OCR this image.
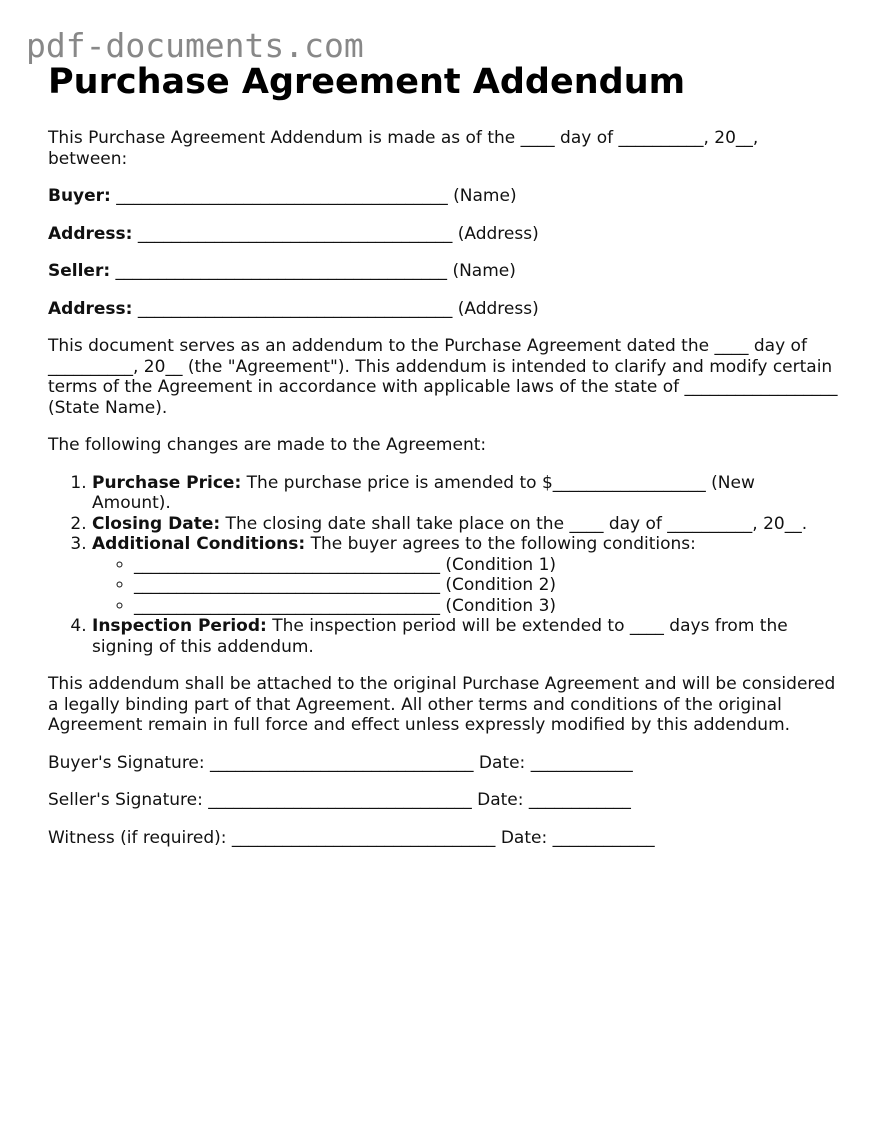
pdf-documents.com
Purchase Agreement Addendum

This Purchase Agreement Addendum is made as of the ____ day of __________, 20__, between:

Buyer: _______________________________________ (Name)

Address: _____________________________________ (Address)

Seller: _______________________________________ (Name)

Address: _____________________________________ (Address)

This document serves as an addendum to the Purchase Agreement dated the ____ day of __________, 20__ (the "Agreement"). This addendum is intended to clarify and modify certain terms of the Agreement in accordance with applicable laws of the state of __________________ (State Name).

The following changes are made to the Agreement:

1. Purchase Price: The purchase price is amended to $__________________ (New Amount).
2. Closing Date: The closing date shall take place on the ____ day of __________, 20__.
3. Additional Conditions: The buyer agrees to the following conditions:
◦ ____________________________________ (Condition 1)
◦ ____________________________________ (Condition 2)
◦ ____________________________________ (Condition 3)
4. Inspection Period: The inspection period will be extended to ____ days from the signing of this addendum.

This addendum shall be attached to the original Purchase Agreement and will be considered a legally binding part of that Agreement. All other terms and conditions of the original Agreement remain in full force and effect unless expressly modified by this addendum.

Buyer's Signature: _______________________________ Date: ____________

Seller's Signature: _______________________________ Date: ____________

Witness (if required): _______________________________ Date: ____________
